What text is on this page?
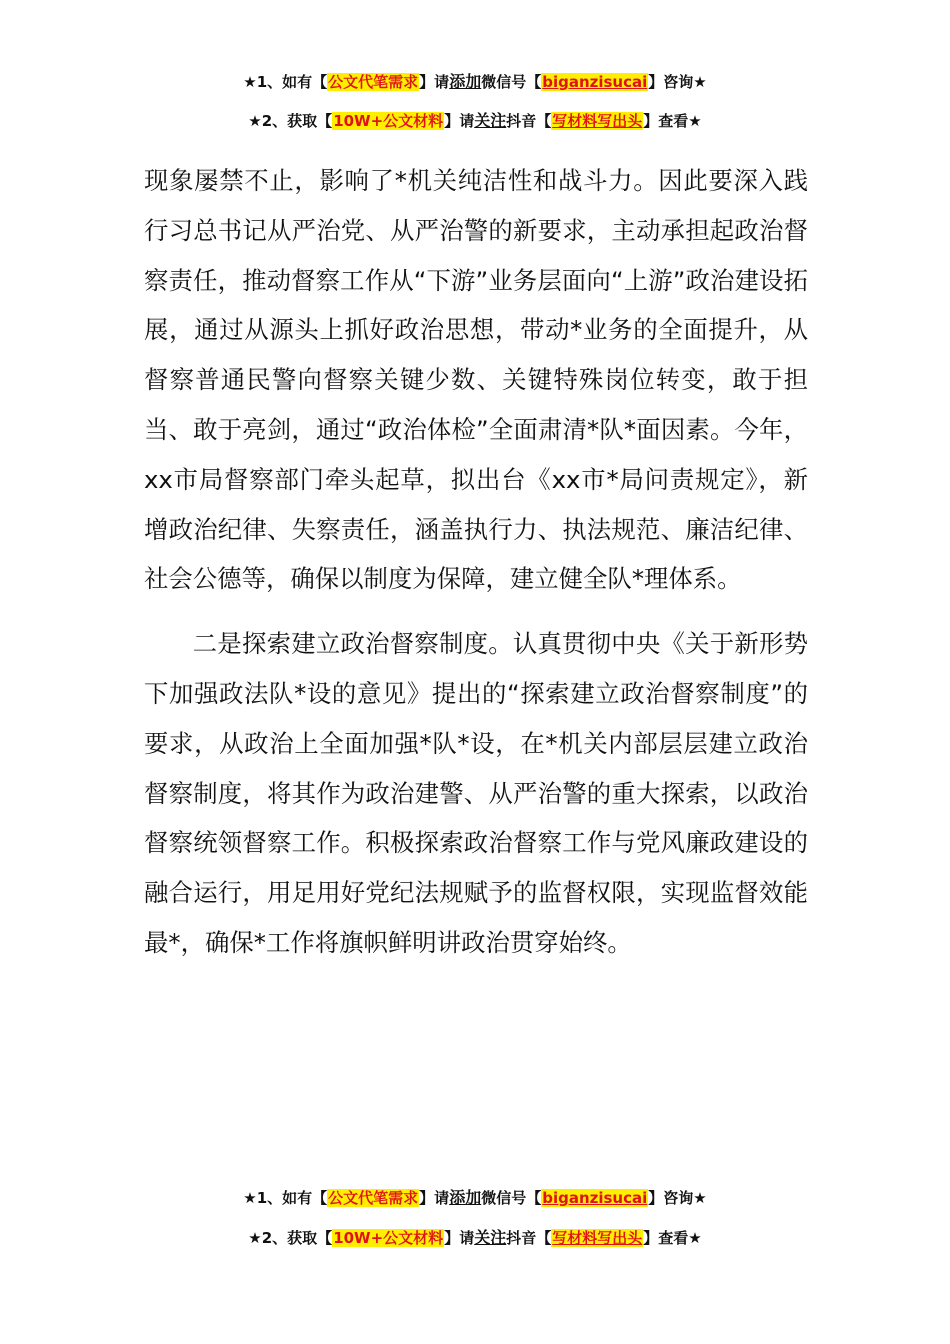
★1、如有【公文代笔需求】请添加微信号【biganzisucai】咨询★
★2、获取【10W+公文材料】请关注抖音【写材料写出头】查看★

现象屡禁不止，影响了*机关纯洁性和战斗力。因此要深入践行习总书记从严治党、从严治警的新要求，主动承担起政治督察责任，推动督察工作从“下游”业务层面向“上游”政治建设拓展，通过从源头上抓好政治思想，带动*业务的全面提升，从督察普通民警向督察关键少数、关键特殊岗位转变，敢于担当、敢于亮剑，通过“政治体检”全面肃清*队*面因素。今年，xx市局督察部门牵头起草，拟出台《xx市*局问责规定》，新增政治纪律、失察责任，涵盖执行力、执法规范、廉洁纪律、社会公德等，确保以制度为保障，建立健全队*理体系。

二是探索建立政治督察制度。认真贯彻中央《关于新形势下加强政法队*设的意见》提出的“探索建立政治督察制度”的要求，从政治上全面加强*队*设，在*机关内部层层建立政治督察制度，将其作为政治建警、从严治警的重大探索，以政治督察统领督察工作。积极探索政治督察工作与党风廉政建设的融合运行，用足用好党纪法规赋予的监督权限，实现监督效能最*，确保*工作将旗帜鲜明讲政治贯穿始终。

★1、如有【公文代笔需求】请添加微信号【biganzisucai】咨询★
★2、获取【10W+公文材料】请关注抖音【写材料写出头】查看★
